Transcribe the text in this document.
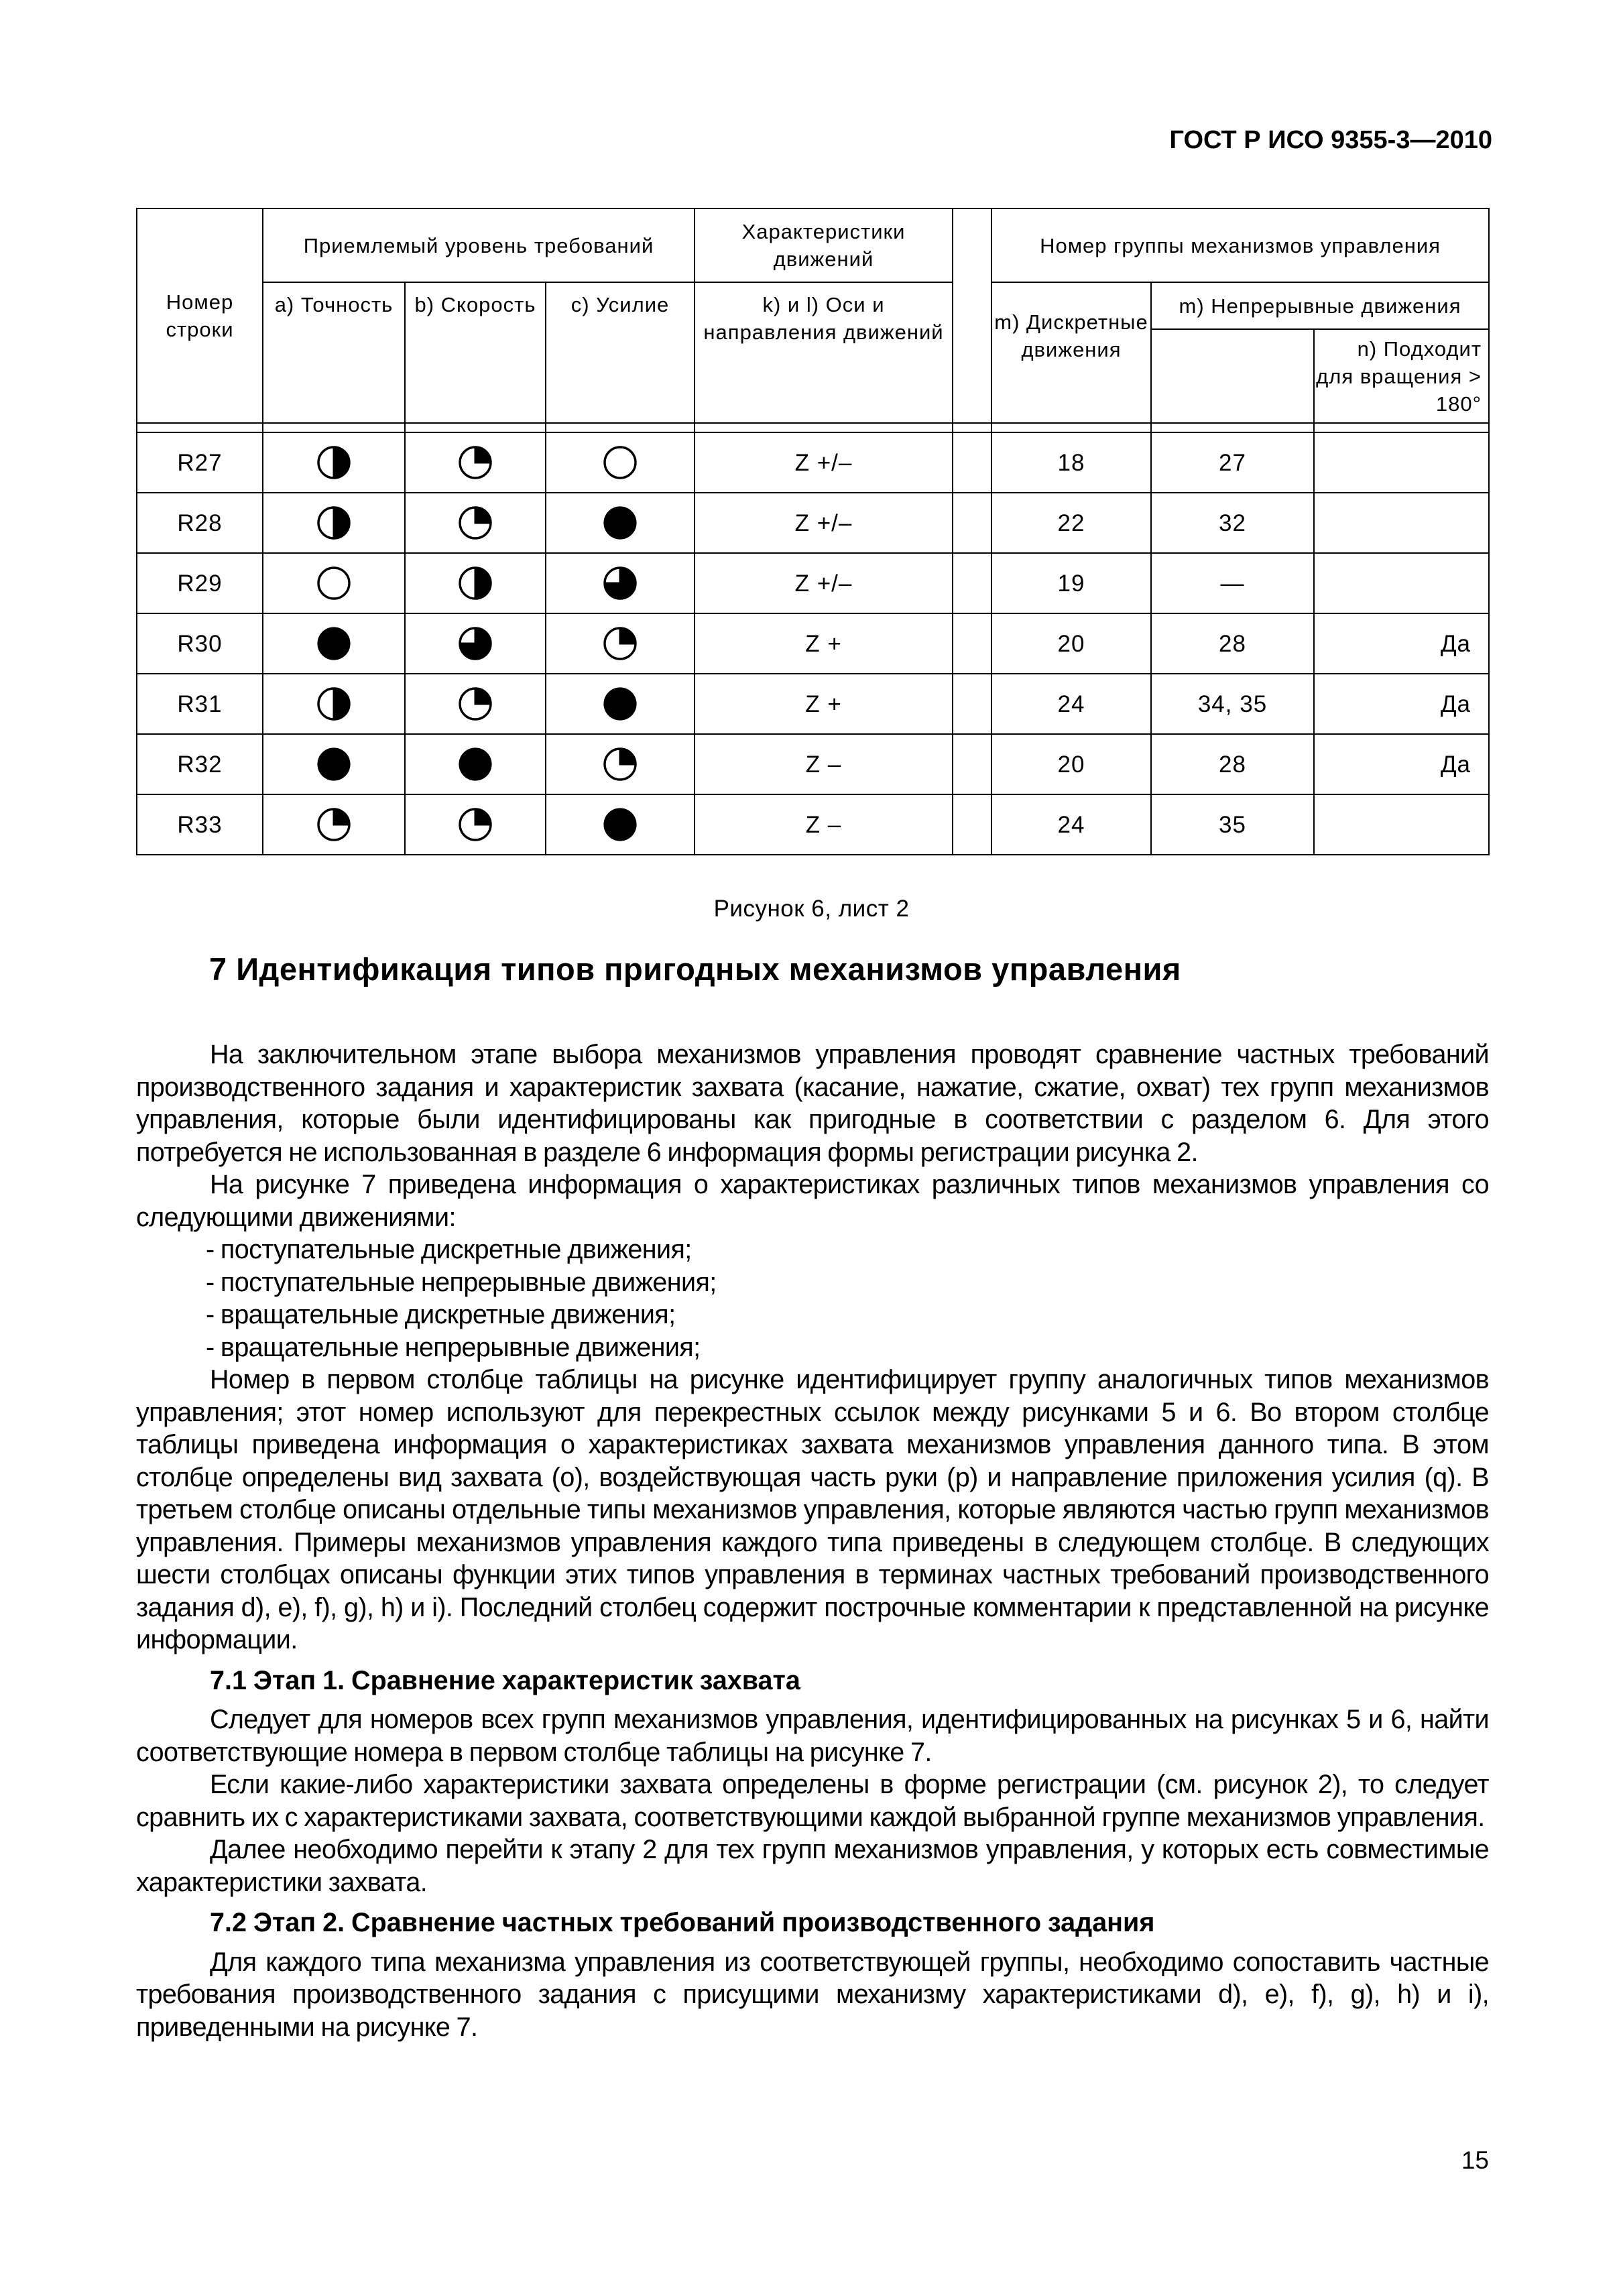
ГОСТ Р ИСО 9355-3—2010
Номер строки	Приемлемый уровень требований			Характеристики движений		Номер группы механизмов управления		
	a) Точность	b) Скорость	c) Усилие	k) и l) Оси и направления движений		m) Дискретные движения	m) Непрерывные движения	
								n) Подходит для вращения > 180°

R27				Z +/–		18	27	
R28				Z +/–		22	32	
R29				Z +/–		19	—	
R30				Z +		20	28	Да
R31				Z +		24	34, 35	Да
R32				Z –		20	28	Да
R33				Z –		24	35	
Рисунок 6, лист 2
7 Идентификация типов пригодных механизмов управления

На заключительном этапе выбора механизмов управления проводят сравнение частных требований производственного задания и характеристик захвата (касание, нажатие, сжатие, охват) тех групп механизмов управления, которые были идентифицированы как пригодные в соответствии с разделом 6. Для этого потребуется не использованная в разделе 6 информация формы регистрации рисунка 2.

На рисунке 7 приведена информация о характеристиках различных типов механизмов управления со следующими движениями:

- поступательные дискретные движения;

- поступательные непрерывные движения;

- вращательные дискретные движения;

- вращательные непрерывные движения;

Номер в первом столбце таблицы на рисунке идентифицирует группу аналогичных типов механизмов управления; этот номер используют для перекрестных ссылок между рисунками 5 и 6. Во втором столбце таблицы приведена информация о характеристиках захвата механизмов управления данного типа. В этом столбце определены вид захвата (о), воздействующая часть руки (р) и направление приложения усилия (q). В третьем столбце описаны отдельные типы механизмов управления, которые являются частью групп механизмов управления. Примеры механизмов управления каждого типа приведены в следующем столбце. В следующих шести столбцах описаны функции этих типов управления в терминах частных требований производственного задания d), е), f), g), h) и i). Последний столбец содержит построчные комментарии к представленной на рисунке информации.

7.1 Этап 1. Сравнение характеристик захвата

Следует для номеров всех групп механизмов управления, идентифицированных на рисунках 5 и 6, найти соответствующие номера в первом столбце таблицы на рисунке 7.

Если какие-либо характеристики захвата определены в форме регистрации (см. рисунок 2), то следует сравнить их с характеристиками захвата, соответствующими каждой выбранной группе механизмов управления.

Далее необходимо перейти к этапу 2 для тех групп механизмов управления, у которых есть совместимые характеристики захвата.

7.2 Этап 2. Сравнение частных требований производственного задания

Для каждого типа механизма управления из соответствующей группы, необходимо сопоставить частные требования производственного задания с присущими механизму характеристиками d), е), f), g), h) и i), приведенными на рисунке 7.

15
